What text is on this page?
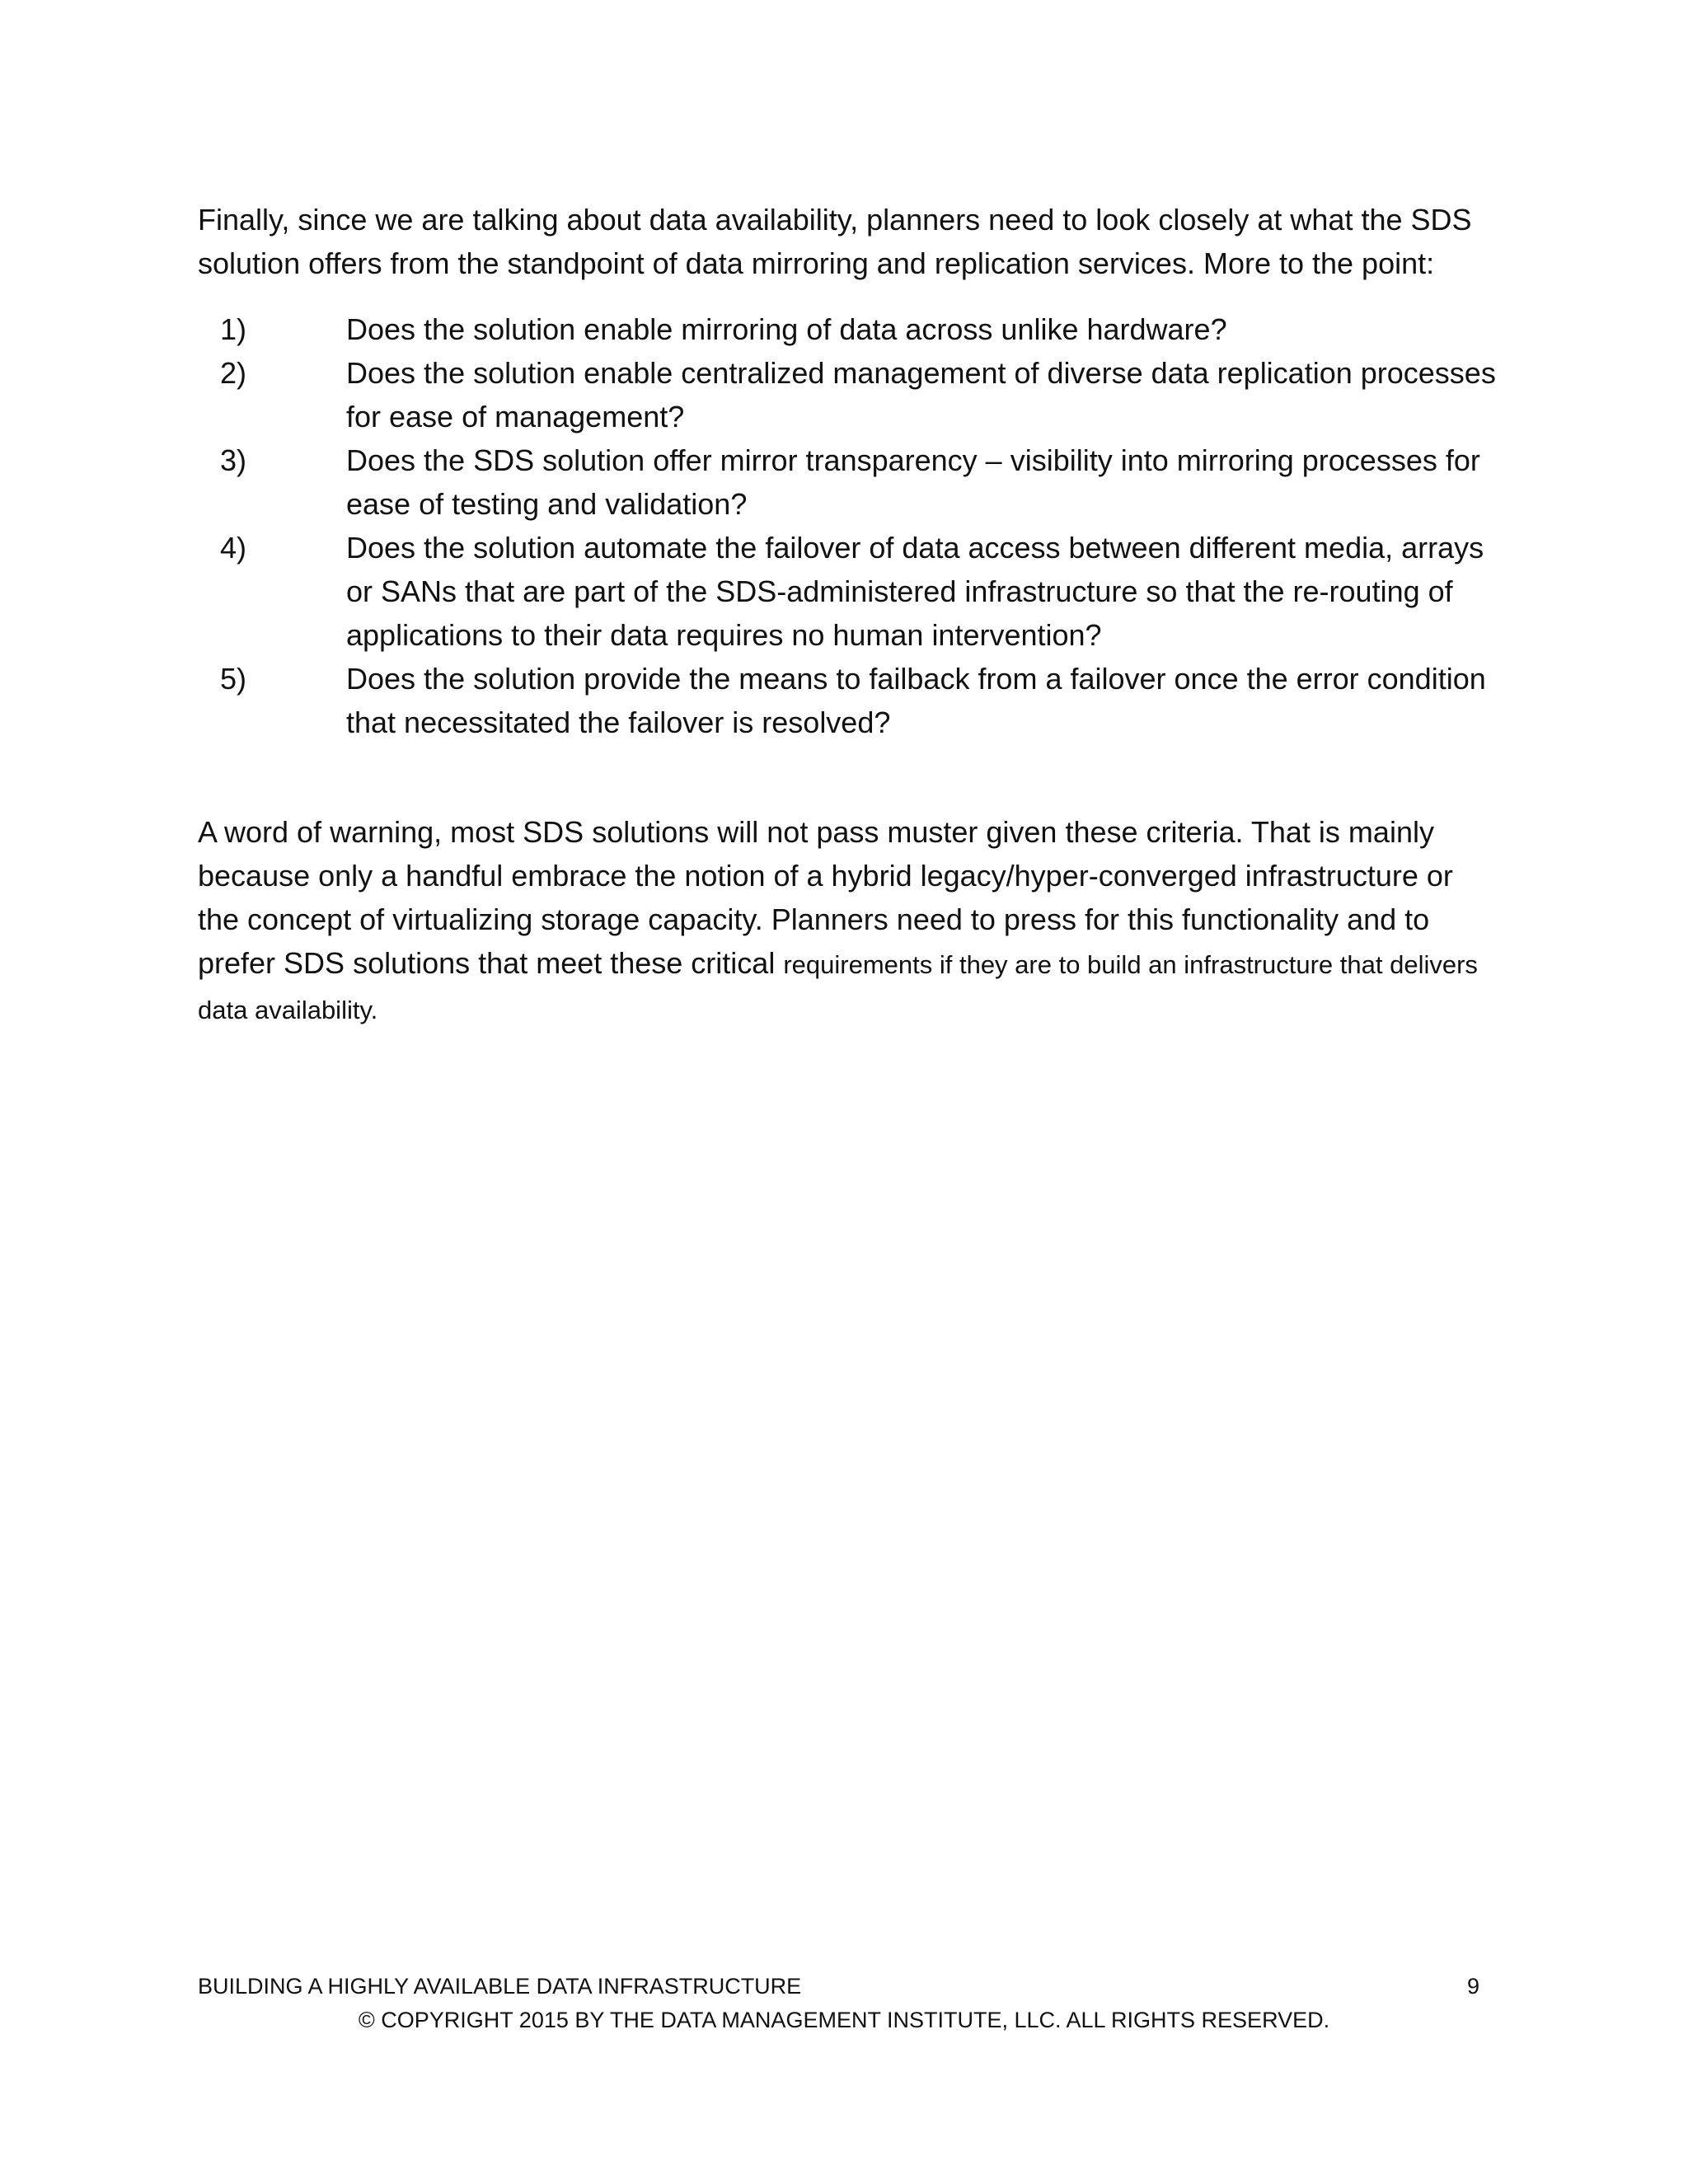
Finally, since we are talking about data availability, planners need to look closely at what the SDS solution offers from the standpoint of data mirroring and replication services. More to the point:

1)	Does the solution enable mirroring of data across unlike hardware?
2)	Does the solution enable centralized management of diverse data replication processes for ease of management?
3)	Does the SDS solution offer mirror transparency – visibility into mirroring processes for ease of testing and validation?
4)	Does the solution automate the failover of data access between different media, arrays or SANs that are part of the SDS-administered infrastructure so that the re-routing of applications to their data requires no human intervention?
5)	Does the solution provide the means to failback from a failover once the error condition that necessitated the failover is resolved?

A word of warning, most SDS solutions will not pass muster given these criteria. That is mainly because only a handful embrace the notion of a hybrid legacy/hyper-converged infrastructure or the concept of virtualizing storage capacity. Planners need to press for this functionality and to prefer SDS solutions that meet these critical requirements if they are to build an infrastructure that delivers data availability.

BUILDING A HIGHLY AVAILABLE DATA INFRASTRUCTURE	9
© COPYRIGHT 2015 BY THE DATA MANAGEMENT INSTITUTE, LLC. ALL RIGHTS RESERVED.
